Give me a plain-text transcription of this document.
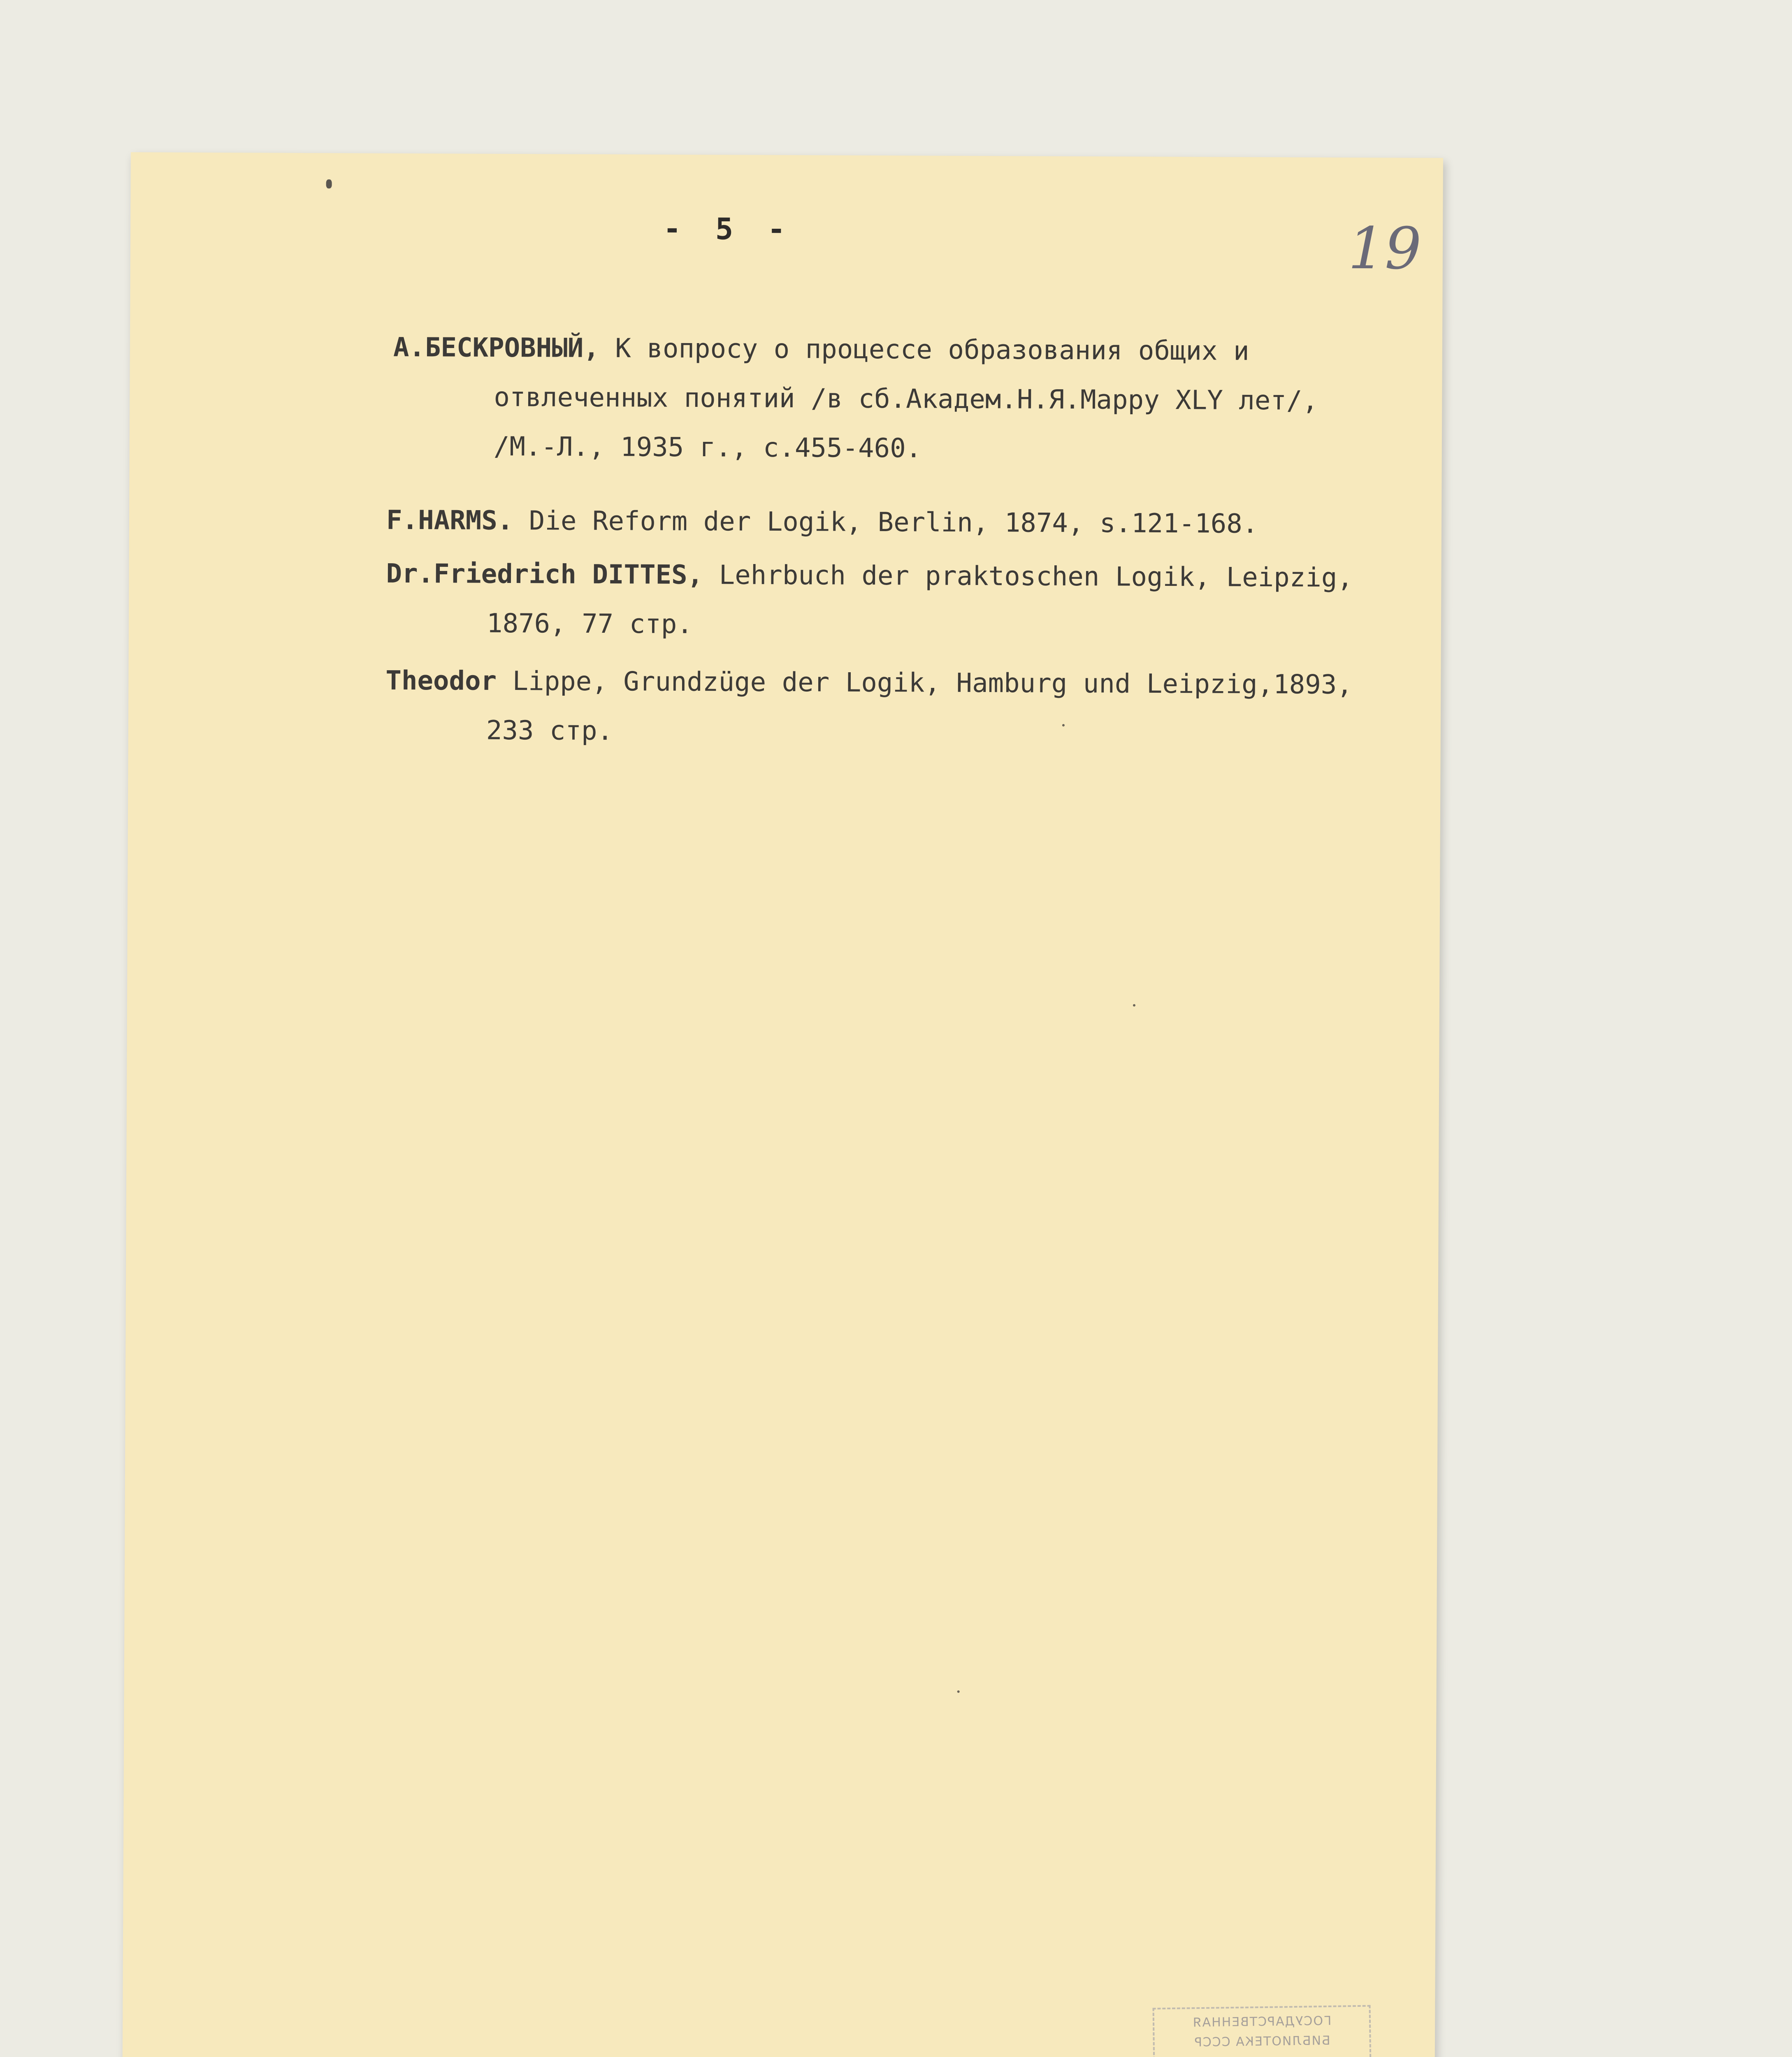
- 5 -	19
А.БЕСКРОВНЫЙ, К вопросу о процессе образования общих и
отвлеченных понятий /в сб.Академ.Н.Я.Марру XLY лет/,
/М.-Л., 1935 г., с.455-460.
F.HARMS. Die Reform der Logik, Berlin, 1874, s.121-168.
Dr.Friedrich DITTES, Lehrbuch der praktoschen Logik, Leipzig,
1876, 77 стр.
Theodor Lippe, Grundzüge der Logik, Hamburg und Leipzig,1893,
233 стр.
ГОСУДАРСТВЕННАЯ
БИБЛИОТЕКА СССР
